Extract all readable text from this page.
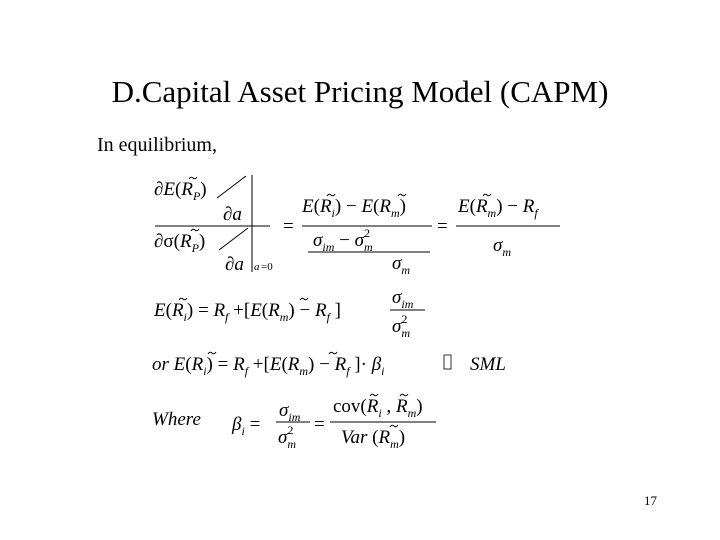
D.Capital Asset Pricing Model (CAPM)
In equilibrium,
$\partial E(R_P)$
∂a
$\partial\sigma(R_P)$
∂a a =0
=
$E(R_i) - E(R_m)$
$\sigma_{im} - \sigma^2$ m
$\sigma_m$
=
$E(R_m) - R_f$
$\sigma_m$
$E(R_i) = R_f +[E(R_m) - R_f$ ]
$\sigma_{im}$
$\sigma^2$ m
or $E(R_i) = R_f +[E(R_m) - R_f$ ]· $\beta_i$	SML
Where $\beta_i$ =
$\sigma_{im}$
$\sigma^2$ m
=
$cov(R_i$ , $R_m$)
Var $(R_m)$
17
